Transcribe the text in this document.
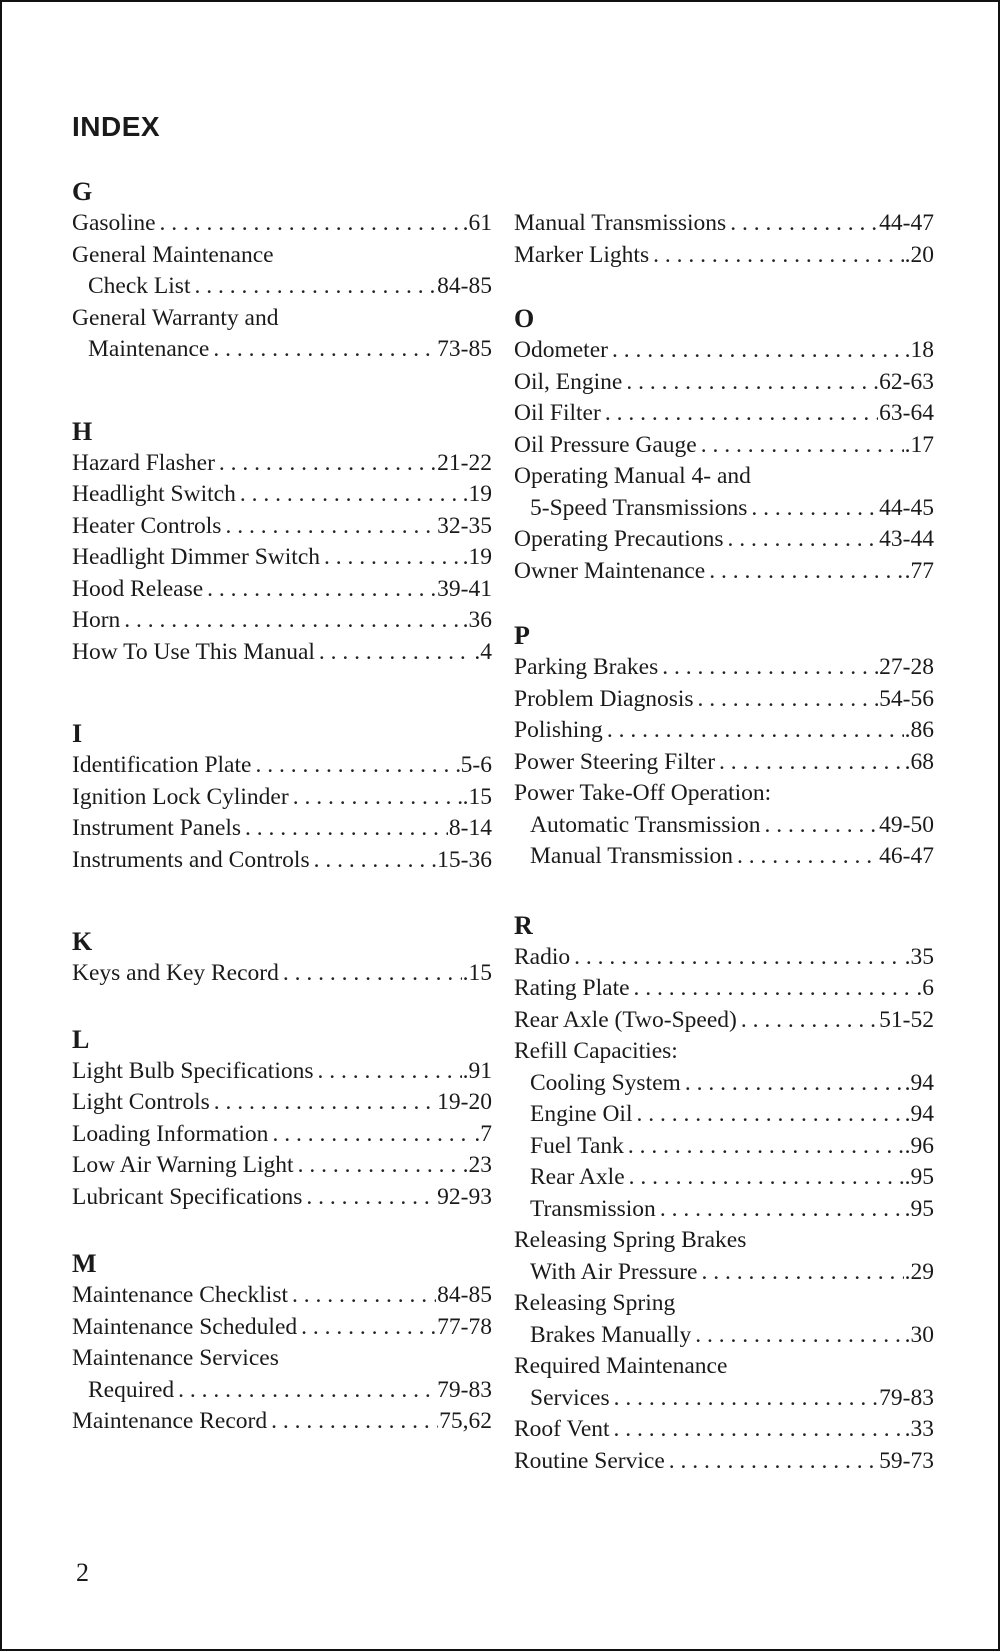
INDEX
G
Gasoline . . .	.61
General Maintenance
Check List . . .	84-85
General Warranty and
Maintenance . . .	73-85
H
Hazard Flasher . . .	21-22
Headlight Switch . . .	.19
Heater Controls . . .	32-35
Headlight Dimmer Switch . . .	.19
Hood Release . . .	39-41
Horn . . .	.36
How To Use This Manual . . .	.4
I
Identification Plate . . .	5-6
Ignition Lock Cylinder . . .	.15
Instrument Panels . . .	8-14
Instruments and Controls . . .	15-36
K
Keys and Key Record . . .	.15
L
Light Bulb Specifications . . .	.91
Light Controls . . .	19-20
Loading Information . . .	.7
Low Air Warning Light . . .	.23
Lubricant Specifications . . .	92-93
M
Maintenance Checklist . . .	84-85
Maintenance Scheduled . . .	77-78
Maintenance Services
Required . . .	79-83
Maintenance Record . . .	75,62
Manual Transmissions . . .	44-47
Marker Lights . . .	.20
O
Odometer . . .	.18
Oil, Engine . . .	62-63
Oil Filter . . .	63-64
Oil Pressure Gauge . . .	.17
Operating Manual 4- and
5-Speed Transmissions . . .	44-45
Operating Precautions . . .	43-44
Owner Maintenance . . .	.77
P
Parking Brakes . . .	27-28
Problem Diagnosis . . .	54-56
Polishing . . .	.86
Power Steering Filter . . .	.68
Power Take-Off Operation:
Automatic Transmission . . .	49-50
Manual Transmission . . .	46-47
R
Radio . . .	.35
Rating Plate . . .	.6
Rear Axle (Two-Speed) . . .	51-52
Refill Capacities:
Cooling System . . .	.94
Engine Oil . . .	.94
Fuel Tank . . .	.96
Rear Axle . . .	.95
Transmission . . .	.95
Releasing Spring Brakes
With Air Pressure . . .	.29
Releasing Spring
Brakes Manually . . .	.30
Required Maintenance
Services . . .	79-83
Roof Vent . . .	.33
Routine Service . . .	59-73
2
